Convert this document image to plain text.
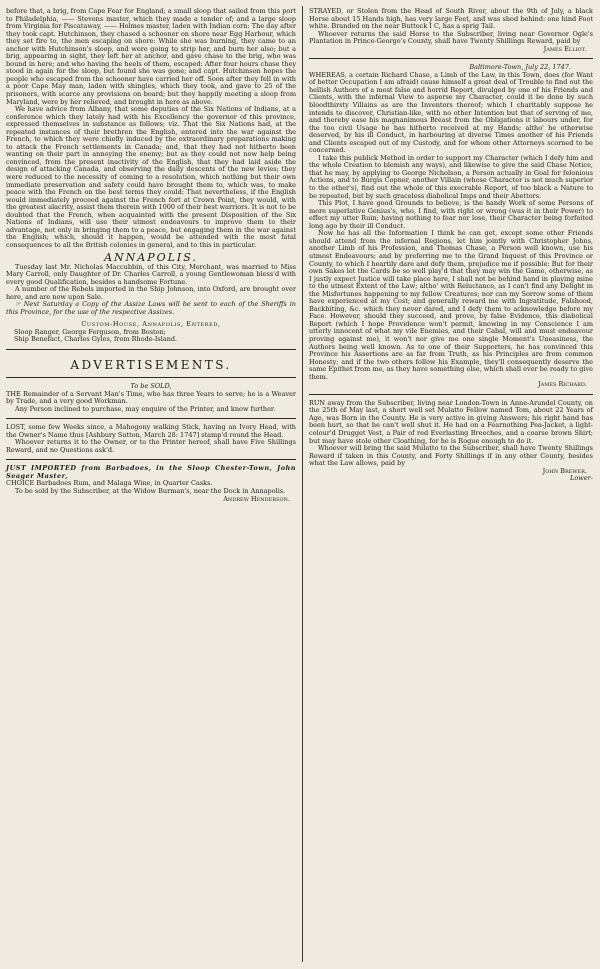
before that, a brig, from Cape Fear for England; a small sloop that sailed from this port to Philadelphia, —— Stevens master, which they made a tender of; and a large sloop from Virginia for Piscataway, —— Holmes master, laden with Indian corn: The day after they took capt. Hutchinson, they chased a schooner on shore near Egg Harbour, which they set fire to, the men escaping on shore: While she was burning, they came to an anchor with Hutchinson's sloop, and were going to strip her, and burn her also; but a brig, appearing in sight, they left her at anchor, and gave chase to the brig, who was bound in here; and who having the heels of them, escaped: After four hours chase they stood in again for the sloop, but found she was gone; and capt. Hutchinson hopes the people who escaped from the schooner have carried her off. Soon after they fell in with a poor Cape May man, laden with shingles, which they took, and gave to 25 of the prisoners, with scarce any provisions on board; but they happily meeting a sloop from Maryland, were by her relieved, and brought in here as above.

We have advice from Albany, that some deputies of the Six Nations of Indians, at a conference which they lately had with his Excellency the governor of this province, expressed themselves in substance as follows; viz. That the Six Nations had, at the repeated instances of their brethren the English, entered into the war against the French, to which they were chiefly induced by the extraordinary preparations making to attack the French settlements in Canada; and, that they had not hitherto been wanting on their part in annoying the enemy; but as they could not now help being convinced, from the present inactivity of the English, that they had laid aside the design of attacking Canada, and observing the daily descents of the new levies; they were reduced to the necessity of coming to a resolution, which nothing but their own immediate preservation and safety could have brought them to, which was, to make peace with the French on the best terms they could: That nevertheless, if the English would immediately proceed against the French fort at Crown Point, they would, with the greatest alacrity, assist them therein with 1000 of their best warriors. It is not to be doubted that the French, when acquainted with the present Disposition of the Six Nations of Indians, will use their utmost endeavours to improve them to their advantage, not only in bringing them to a peace, but engaging them in the war against the English; which, should it happen, would be attended with the most fatal consequences to all the British colonies in general, and to this in particular.

ANNAPOLIS.

Tuesday last Mr. Nicholas Maccubbin, of this City, Merchant, was married to Miss Mary Carroll, only Daughter of Dr. Charles Carroll, a young Gentlewoman bless'd with every good Qualification, besides a handsome Fortune.

A number of the Rebels imported in the Ship Johnson, into Oxford, are brought over here, and are now upon Sale.

☞ Next Saturday a Copy of the Assize Laws will be sent to each of the Sheriffs in this Province, for the use of the respective Assizes.

Custom-House, Annapolis, Entered,

Sloop Ranger, George Ferguson, from Boston;

Ship Benefact, Charles Gyles, from Rhode-Island.

ADVERTISEMENTS.

To be SOLD,

THE Remainder of a Servant Man's Time, who has three Years to serve; he is a Weaver by Trade, and a very good Workman.

Any Person inclined to purchase, may enquire of the Printer, and know further.

LOST, some few Weeks since, a Mahogony walking Stick, having an Ivory Head, with the Owner's Name thus [Ashbury Sutton, March 28: 1747] stamp'd round the Head.

Whoever returns it to the Owner, or to the Printer hereof, shall have Five Shillings Reward, and no Questions ask'd.

JUST IMPORTED from Barbadoes, in the Sloop Chester-Town, John Seager Master,

CHOICE Barbadoes Rum, and Malaga Wine, in Quarter Casks.

To be sold by the Subscriber, at the Widow Burman's, near the Dock in Annapolis.

Andrew Henderson.

STRAYED, or Stolen from the Head of South River, about the 9th of July, a black Horse about 15 Hands high, has very large Feet, and was shod behind: one hind Foot white. Branded on the near Buttock I C, has a sprig Tail.

Whoever returns the said Horse to the Subscriber, living near Governor Ogle's Plantation in Prince-George's County, shall have Twenty Shillings Reward, paid by

James Elliot.

Baltimore-Town, July 22, 1747.

WHEREAS, a certain Richard Chase, a Limb of the Law, in this Town, does (for Want of better Occupation I am afraid) cause himself a great deal of Trouble to find out the hellish Authors of a most false and horrid Report, divulged by one of his Friends and Clients, with the infernal View to asperse my Character, could it be done by such bloodthirsty Villains as are the Inventors thereof; which I charitably suppose he intends to discover, Christian-like, with no other Intention but that of serving of me, and thereby ease his magnanimous Breast from the Obligations it labours under, for the too civil Usage he has hitherto received at my Hands; altho' he otherwise deserved, by his ill Conduct, in harbouring at diverse Times another of his Friends and Clients escaped out of my Custody, and for whom other Attorneys scorned to be concerned.

I take this publick Method in order to support my Character (which I defy him and the whole Creation to blemish any ways), and likewise to give the said Chase Notice, that he may, by applying to George Nicholson, a Person actually in Goal for felonious Actions, and to Burgis Copner, another Villain (whose Character is not much superior to the other's), find out the whole of this execrable Report, of too black a Nature to be repeated, but by such graceless diabolical Imps and their Abettors.

This Plot, I have good Grounds to believe, is the handy Work of some Persons of more superlative Genius's, who, I find, with right or wrong (was it in their Power) to effect my utter Ruin; having nothing to fear nor lose, their Character being forfeited long ago by their ill Conduct.

Now he has all the Information I think he can get, except some other Friends should attend from the infernal Regions, let him jointly with Christopher Johns, another Limb of his Profession, and Thomas Chase, a Person well known, use his utmost Endeavours; and by preferring me to the Grand Inquest of this Province or County, to which I heartily dare and defy them, prejudice me if possible: But for their own Sakes let the Cards be so well play'd that they may win the Game, otherwise, as I justly expect Justice will take place here, I shall not be behind hand in playing mine to the utmost Extent of the Law; altho' with Reluctance, as I can't find any Delight in the Misfortunes happening to my fellow Creatures; nor can my Sorrow some of them have experienced at my Cost; and generally reward me with Ingratitude, Falshood, Backbiting, &c. which they never dared, and I defy them to acknowledge before my Face. However, should they succeed, and prove, by false Evidence, this diabolical Report (which I hope Providence won't permit, knowing in my Conscience I am utterly innocent of what my vile Enemies, and their Cabal, will and must endeavour proving against me), it won't nor give me one single Moment's Uneasiness, the Authors being well known. As to one of their Supporters, he has convinced this Province his Assertions are as far from Truth, as his Principles are from common Honesty; and if the two others follow his Example, they'll consequently deserve the same Epithet from me, as they have something else, which shall ever be ready to give them.

James Richard.

RUN away from the Subscriber, living near London-Town in Anne-Arundel County, on the 25th of May last, a short well set Mulatto Fellow named Tom, about 22 Years of Age, was Born in the County. He is very active in giving Answers; his right hand has been hurt, so that he can't well shut it. He had on a Fearnothing Pea-Jacket, a light-colour'd Drugget Vest, a Pair of red Everlasting Breeches, and a coarse brown Shirt; but may have stole other Cloathing, for he is Rogue enough to do it.

Whoever will bring the said Mulatto to the Subscriber, shall have Twenty Shillings Reward if taken in this County, and Forty Shillings if in any other County, besides what the Law allows, paid by

John Brewer.

Lower-
